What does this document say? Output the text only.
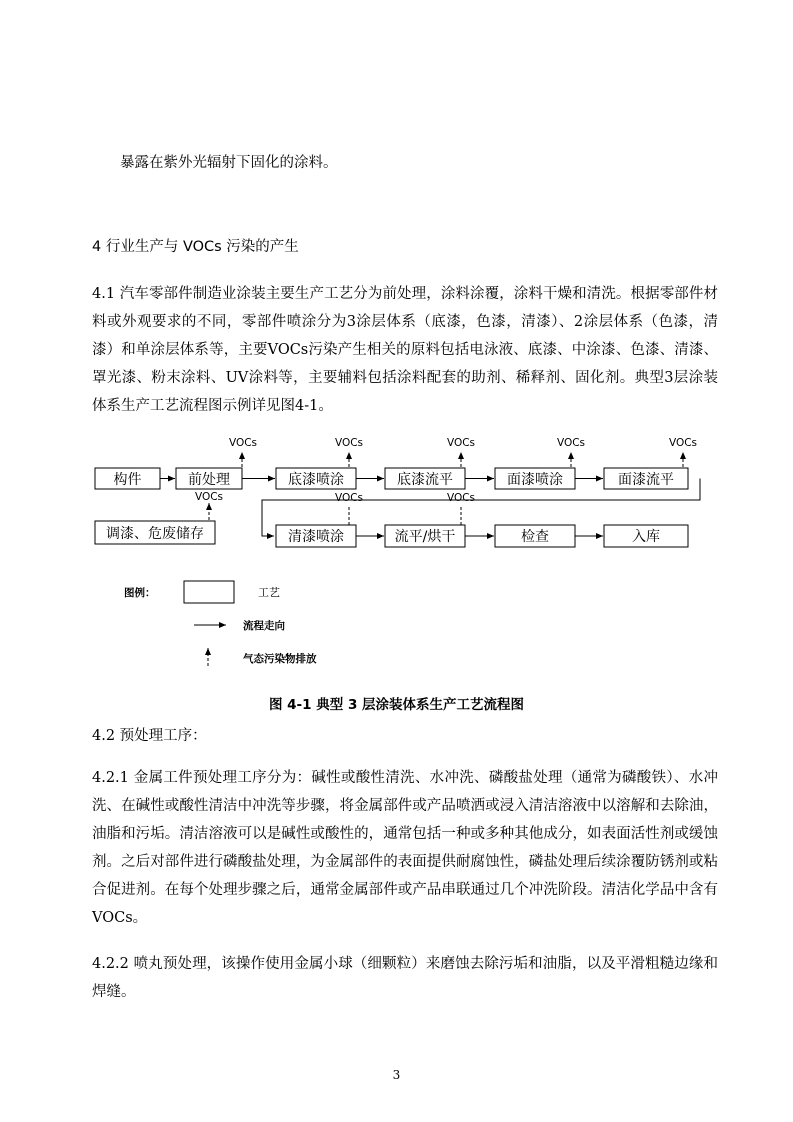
暴露在紫外光辐射下固化的涂料。

4 行业生产与 VOCs 污染的产生

4.1 汽车零部件制造业涂装主要生产工艺分为前处理，涂料涂覆，涂料干燥和清洗。根据零部件材料或外观要求的不同，零部件喷涂分为3涂层体系（底漆，色漆，清漆）、2涂层体系（色漆，清漆）和单涂层体系等，主要VOCs污染产生相关的原料包括电泳液、底漆、中涂漆、色漆、清漆、罩光漆、粉末涂料、UV涂料等，主要辅料包括涂料配套的助剂、稀释剂、固化剂。典型3层涂装体系生产工艺流程图示例详见图4-1。

构件	前处理	底漆喷涂	底漆流平	面漆喷涂	面漆流平
VOCs	VOCs	VOCs	VOCs	VOCs
调漆、危废储存
VOCs	VOCs	VOCs
清漆喷涂	流平/烘干	检查	入库
图例：	工艺
流程走向
气态污染物排放
图 4-1 典型 3 层涂装体系生产工艺流程图

4.2 预处理工序：

4.2.1 金属工件预处理工序分为：碱性或酸性清洗、水冲洗、磷酸盐处理（通常为磷酸铁）、水冲洗、在碱性或酸性清洁中冲洗等步骤，将金属部件或产品喷洒或浸入清洁溶液中以溶解和去除油，油脂和污垢。清洁溶液可以是碱性或酸性的，通常包括一种或多种其他成分，如表面活性剂或缓蚀剂。之后对部件进行磷酸盐处理，为金属部件的表面提供耐腐蚀性，磷盐处理后续涂覆防锈剂或粘合促进剂。在每个处理步骤之后，通常金属部件或产品串联通过几个冲洗阶段。清洁化学品中含有VOCs。

4.2.2 喷丸预处理，该操作使用金属小球（细颗粒）来磨蚀去除污垢和油脂，以及平滑粗糙边缘和焊缝。

3
